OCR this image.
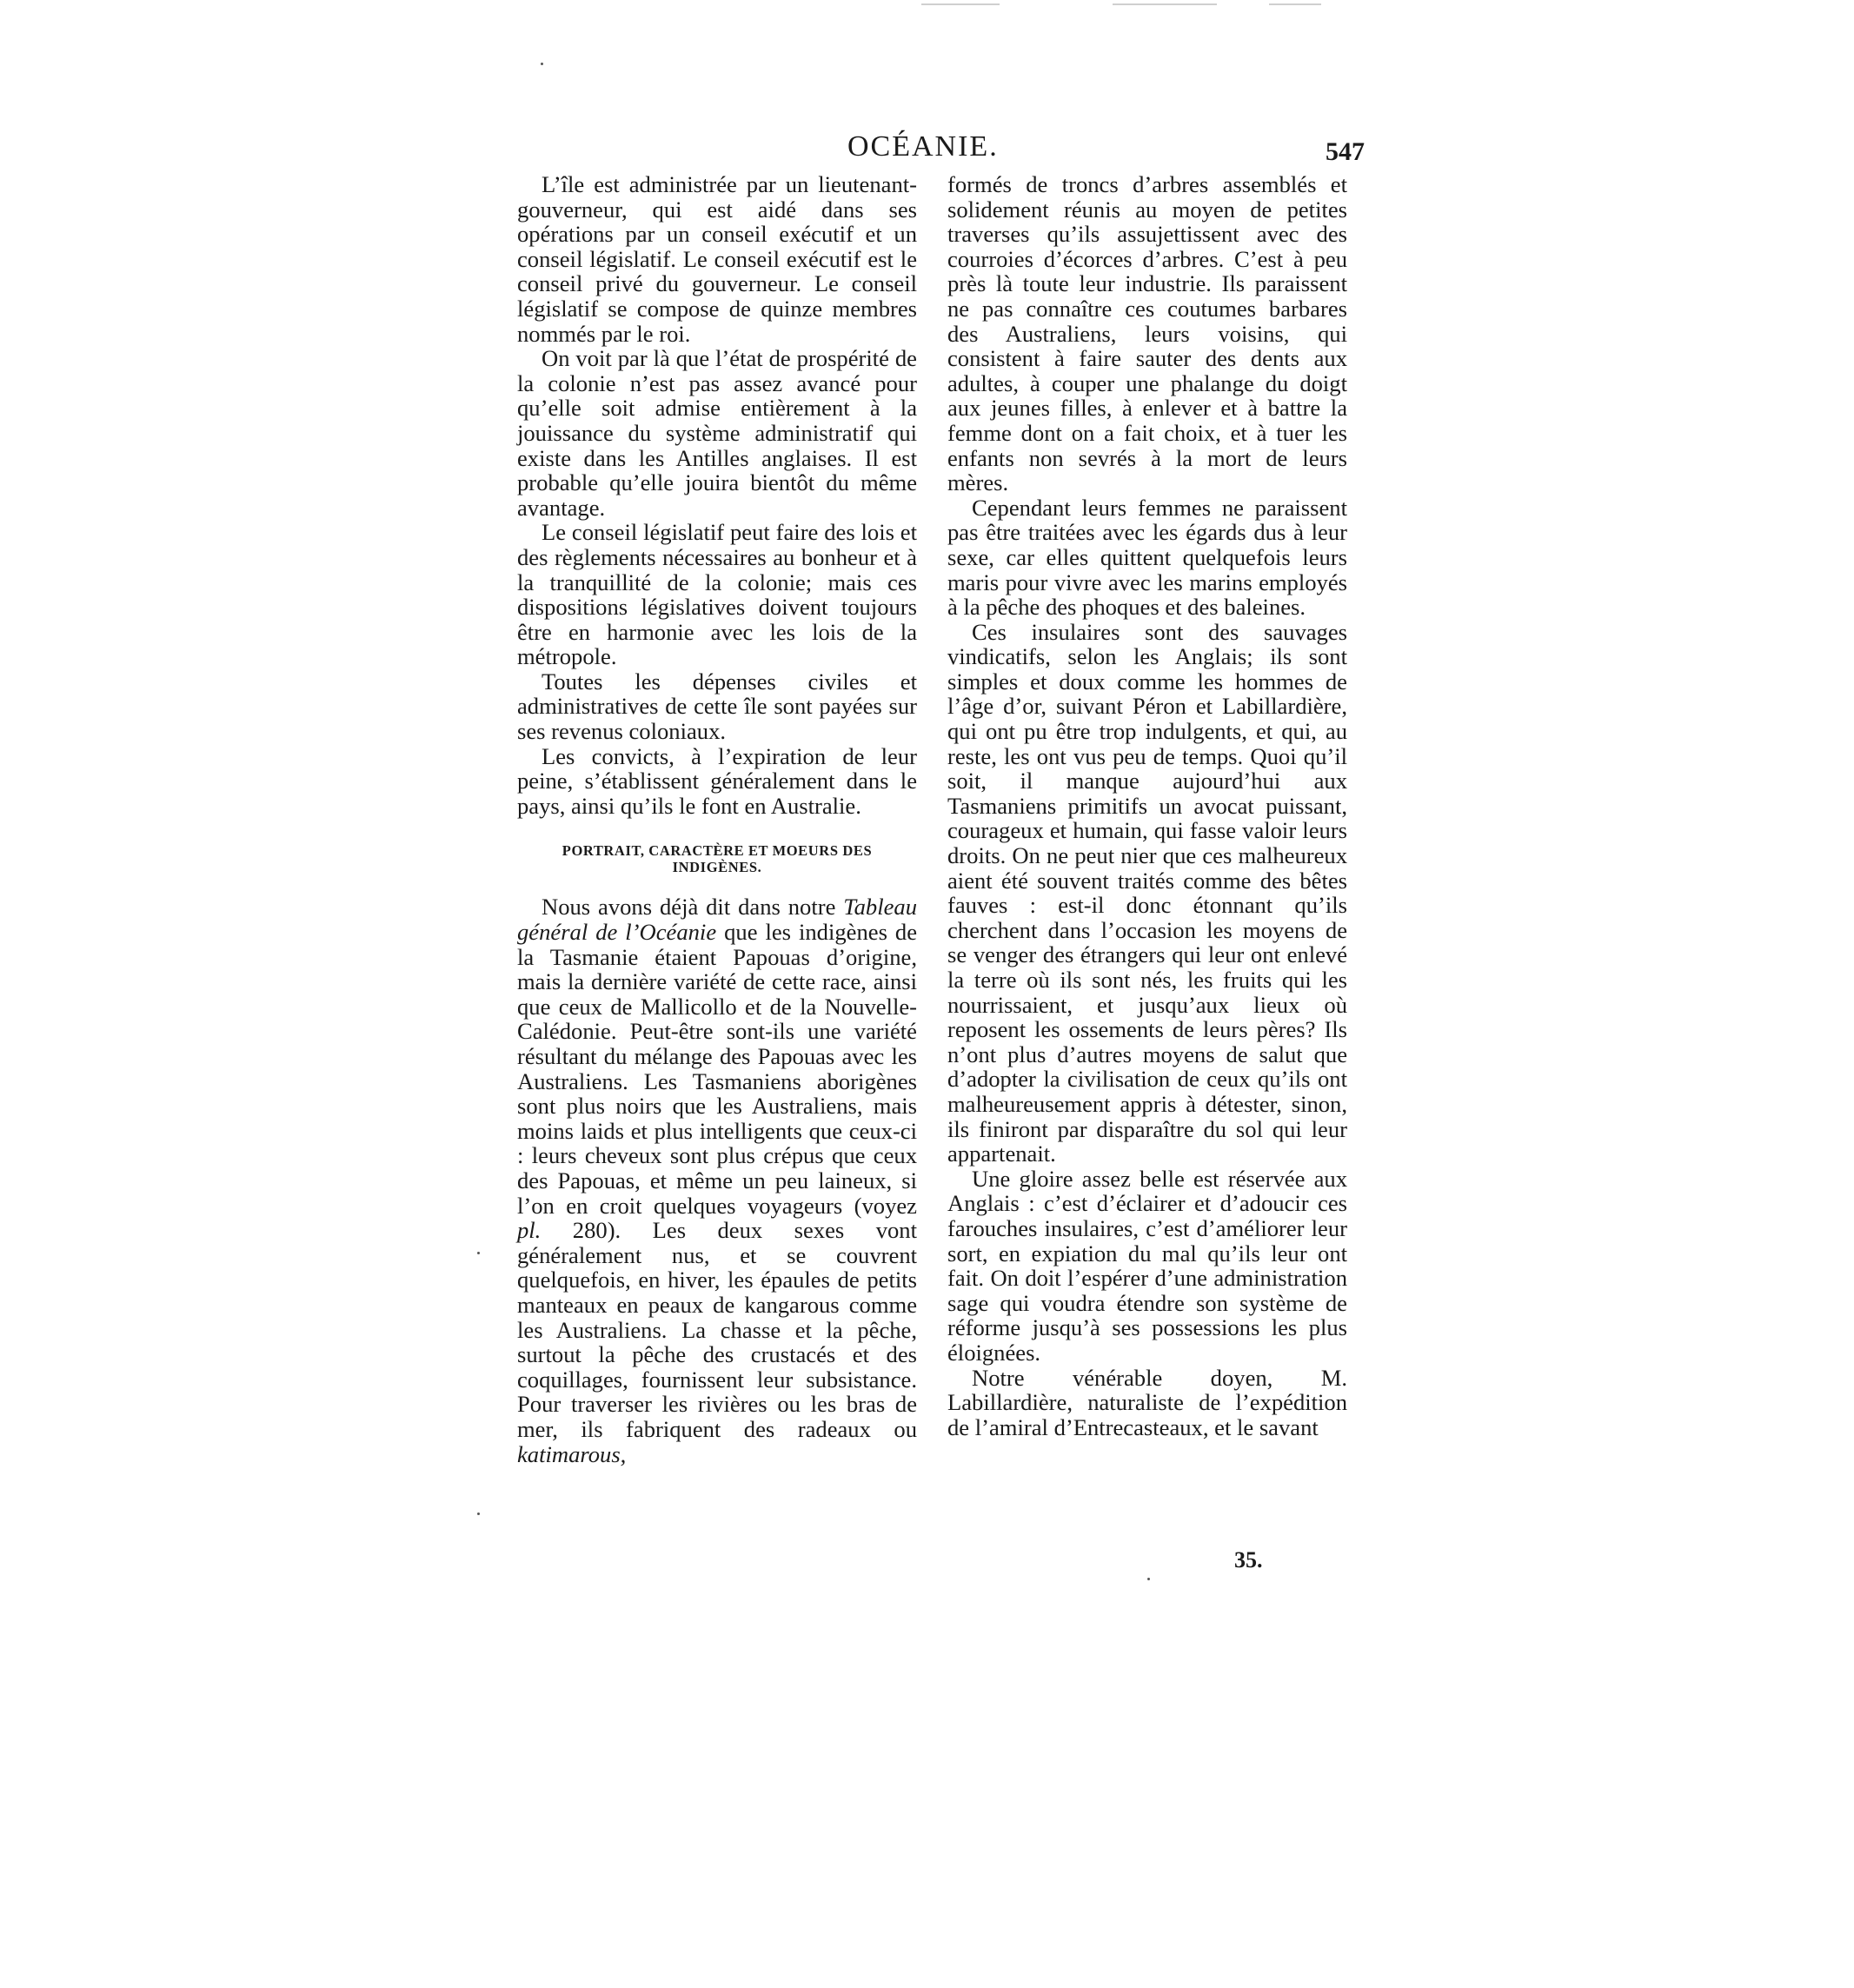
OCÉANIE.	547

L’île est administrée par un lieutenant-gouverneur, qui est aidé dans ses opérations par un conseil exécutif et un conseil législatif. Le conseil exécutif est le conseil privé du gouverneur. Le conseil législatif se compose de quinze membres nommés par le roi.

On voit par là que l’état de prospérité de la colonie n’est pas assez avancé pour qu’elle soit admise entièrement à la jouissance du système administratif qui existe dans les Antilles anglaises. Il est probable qu’elle jouira bientôt du même avantage.

Le conseil législatif peut faire des lois et des règlements nécessaires au bonheur et à la tranquillité de la colonie; mais ces dispositions législatives doivent toujours être en harmonie avec les lois de la métropole.

Toutes les dépenses civiles et administratives de cette île sont payées sur ses revenus coloniaux.

Les convicts, à l’expiration de leur peine, s’établissent généralement dans le pays, ainsi qu’ils le font en Australie.

PORTRAIT, CARACTÈRE ET MOEURS DES INDIGÈNES.

Nous avons déjà dit dans notre Tableau général de l’Océanie que les indigènes de la Tasmanie étaient Papouas d’origine, mais la dernière variété de cette race, ainsi que ceux de Mallicollo et de la Nouvelle-Calédonie. Peut-être sont-ils une variété résultant du mélange des Papouas avec les Australiens. Les Tasmaniens aborigènes sont plus noirs que les Australiens, mais moins laids et plus intelligents que ceux-ci : leurs cheveux sont plus crépus que ceux des Papouas, et même un peu laineux, si l’on en croit quelques voyageurs (voyez pl. 280). Les deux sexes vont généralement nus, et se couvrent quelquefois, en hiver, les épaules de petits manteaux en peaux de kangarous comme les Australiens. La chasse et la pêche, surtout la pêche des crustacés et des coquillages, fournissent leur subsistance. Pour traverser les rivières ou les bras de mer, ils fabriquent des radeaux ou katimarous,

formés de troncs d’arbres assemblés et solidement réunis au moyen de petites traverses qu’ils assujettissent avec des courroies d’écorces d’arbres. C’est à peu près là toute leur industrie. Ils paraissent ne pas connaître ces coutumes barbares des Australiens, leurs voisins, qui consistent à faire sauter des dents aux adultes, à couper une phalange du doigt aux jeunes filles, à enlever et à battre la femme dont on a fait choix, et à tuer les enfants non sevrés à la mort de leurs mères.

Cependant leurs femmes ne paraissent pas être traitées avec les égards dus à leur sexe, car elles quittent quelquefois leurs maris pour vivre avec les marins employés à la pêche des phoques et des baleines.

Ces insulaires sont des sauvages vindicatifs, selon les Anglais; ils sont simples et doux comme les hommes de l’âge d’or, suivant Péron et Labillardière, qui ont pu être trop indulgents, et qui, au reste, les ont vus peu de temps. Quoi qu’il soit, il manque aujourd’hui aux Tasmaniens primitifs un avocat puissant, courageux et humain, qui fasse valoir leurs droits. On ne peut nier que ces malheureux aient été souvent traités comme des bêtes fauves : est-il donc étonnant qu’ils cherchent dans l’occasion les moyens de se venger des étrangers qui leur ont enlevé la terre où ils sont nés, les fruits qui les nourrissaient, et jusqu’aux lieux où reposent les ossements de leurs pères? Ils n’ont plus d’autres moyens de salut que d’adopter la civilisation de ceux qu’ils ont malheureusement appris à détester, sinon, ils finiront par disparaître du sol qui leur appartenait.

Une gloire assez belle est réservée aux Anglais : c’est d’éclairer et d’adoucir ces farouches insulaires, c’est d’améliorer leur sort, en expiation du mal qu’ils leur ont fait. On doit l’espérer d’une administration sage qui voudra étendre son système de réforme jusqu’à ses possessions les plus éloignées.

Notre vénérable doyen, M. Labillardière, naturaliste de l’expédition de l’amiral d’Entrecasteaux, et le savant

35.
